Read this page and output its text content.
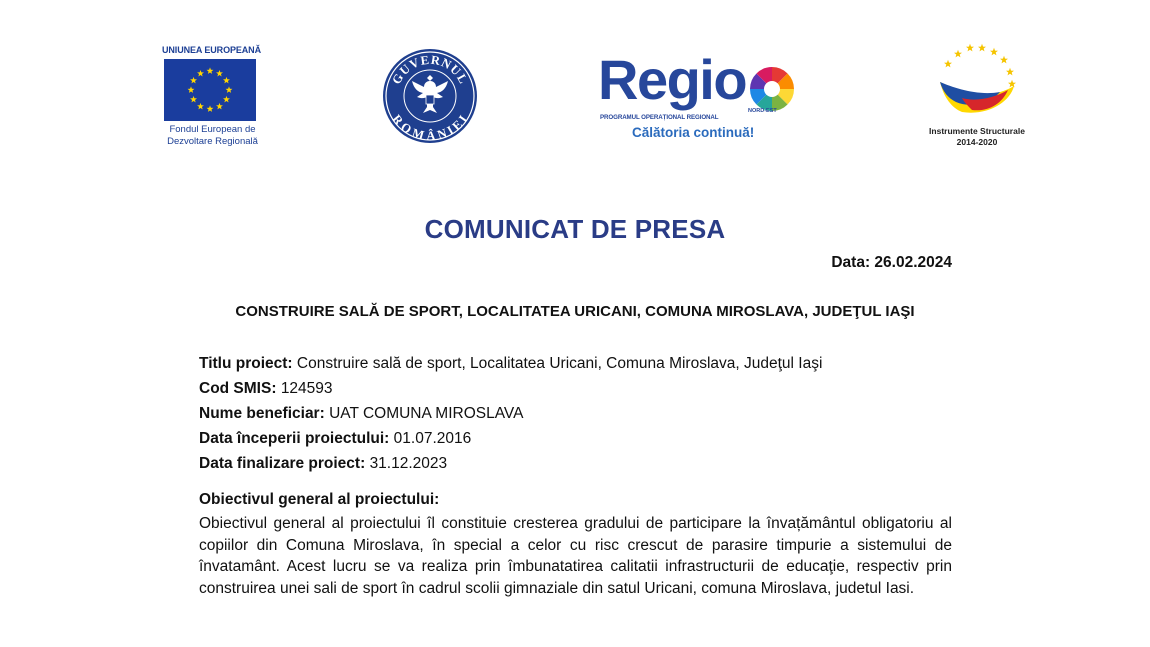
UNIUNEA EUROPEANĂ
Fondul European de
Dezvoltare Regională
GUVERNUL
ROMÂNIEI
Regio
PROGRAMUL OPERAȚIONAL REGIONAL
NORD-EST
Călătoria continuă!	Instrumente Structurale
2014-2020
COMUNICAT DE PRESA
Data: 26.02.2024
CONSTRUIRE SALĂ DE SPORT, LOCALITATEA URICANI, COMUNA MIROSLAVA, JUDEŢUL IAŞI
Titlu proiect: Construire sală de sport, Localitatea Uricani, Comuna Miroslava, Judeţul Iaşi
Cod SMIS: 124593
Nume beneficiar: UAT COMUNA MIROSLAVA
Data începerii proiectului: 01.07.2016
Data finalizare proiect: 31.12.2023
Obiectivul general al proiectului:

Obiectivul general al proiectului îl constituie cresterea gradului de participare la învațământul obligatoriu al copiilor din Comuna Miroslava, în special a celor cu risc crescut de parasire timpurie a sistemului de învatamânt. Acest lucru se va realiza prin îmbunatatirea calitatii infrastructurii de educaţie, respectiv prin construirea unei sali de sport în cadrul scolii gimnaziale din satul Uricani, comuna Miroslava, judetul Iasi.
